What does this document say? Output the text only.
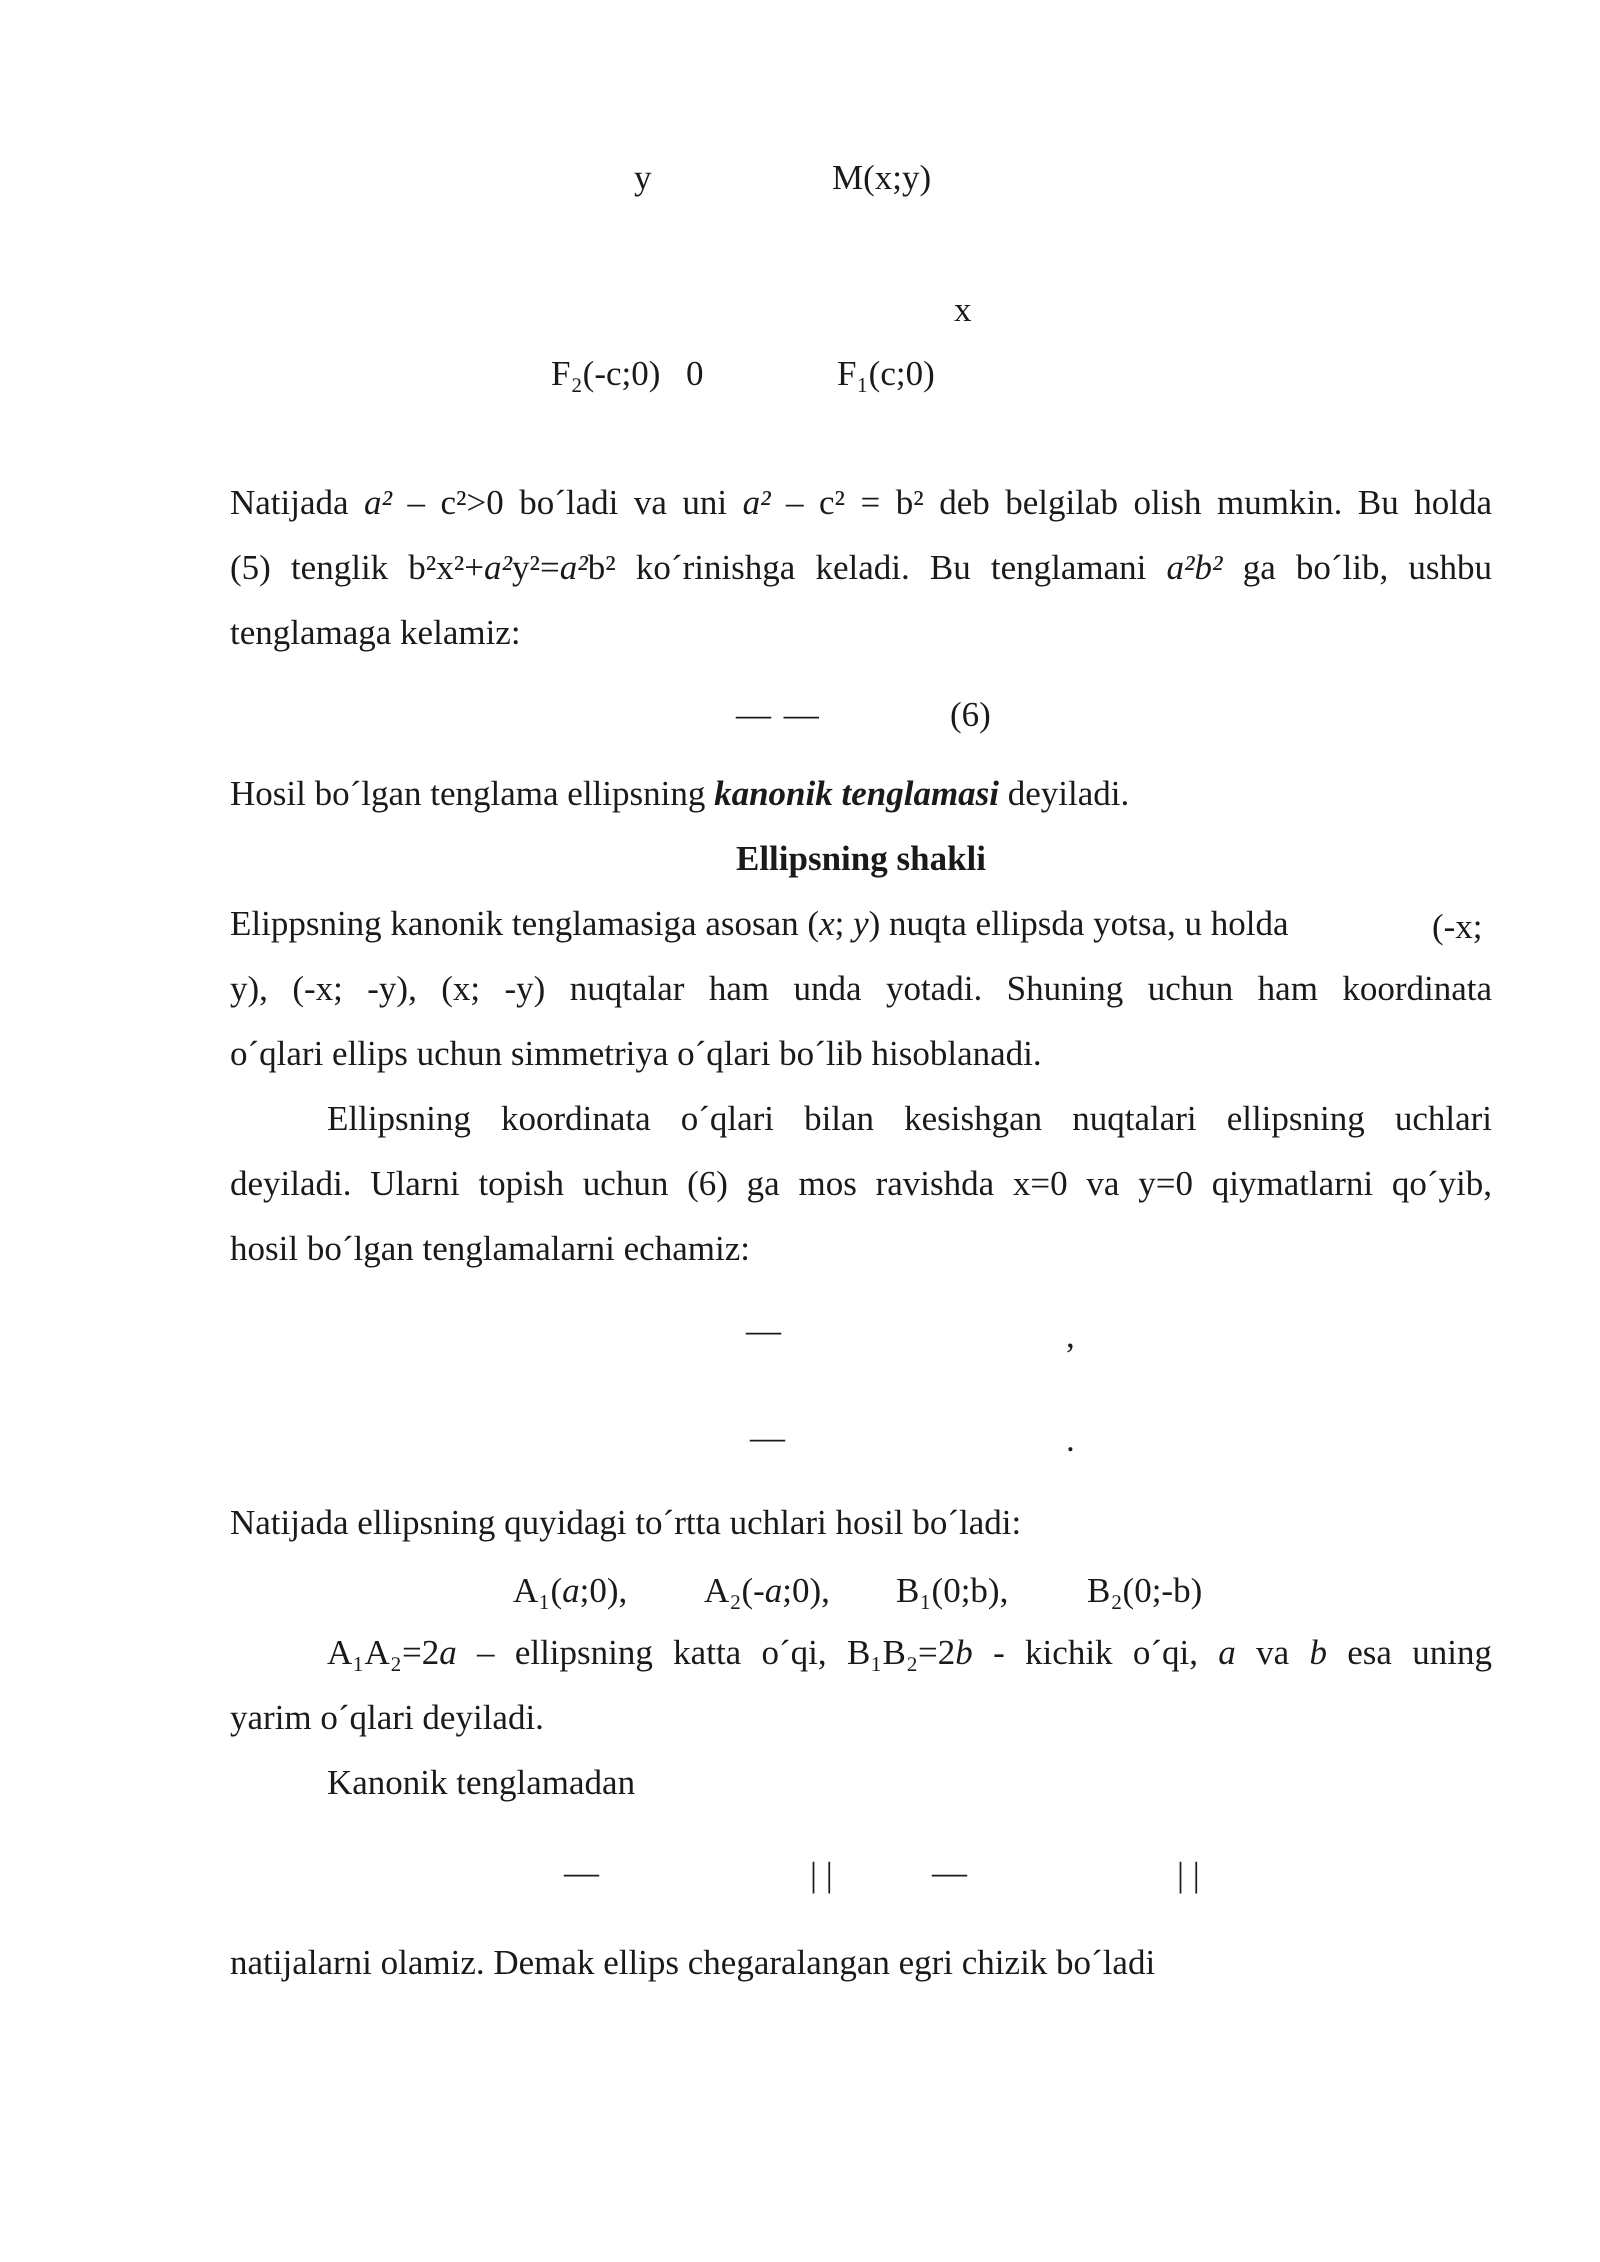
y	M(x;y)
x
F₂(-c;0) 0	F₁(c;0)
Natijada a² – c²>0 bo´ladi va uni a² – c² = b² deb belgilab olish mumkin. Bu holda
(5) tenglik b²x²+a²y²=a²b² ko´rinishga keladi. Bu tenglamani a²b² ga bo´lib, ushbu
tenglamaga kelamiz:
— —	(6)
Hosil bo´lgan tenglama ellipsning kanonik tenglamasi deyiladi.
Ellipsning shakli
Elippsning kanonik tenglamasiga asosan (x; y) nuqta ellipsda yotsa, u holda	(-x;
y), (-x; -y), (x; -y) nuqtalar ham unda yotadi. Shuning uchun ham koordinata
o´qlari ellips uchun simmetriya o´qlari bo´lib hisoblanadi.
Ellipsning koordinata o´qlari bilan kesishgan nuqtalari ellipsning uchlari
deyiladi. Ularni topish uchun (6) ga mos ravishda x=0 va y=0 qiymatlarni qo´yib,
hosil bo´lgan tenglamalarni echamiz:
—	,
—	.
Natijada ellipsning quyidagi to´rtta uchlari hosil bo´ladi:
A₁(a;0), A₂(-a;0), B₁(0;b), B₂(0;-b)
A₁A₂=2a – ellipsning katta o´qi, B₁B₂=2b - kichik o´qi, a va b esa uning
yarim o´qlari deyiladi.
Kanonik tenglamadan
—	| |	—	| |
natijalarni olamiz. Demak ellips chegaralangan egri chizik bo´ladi
